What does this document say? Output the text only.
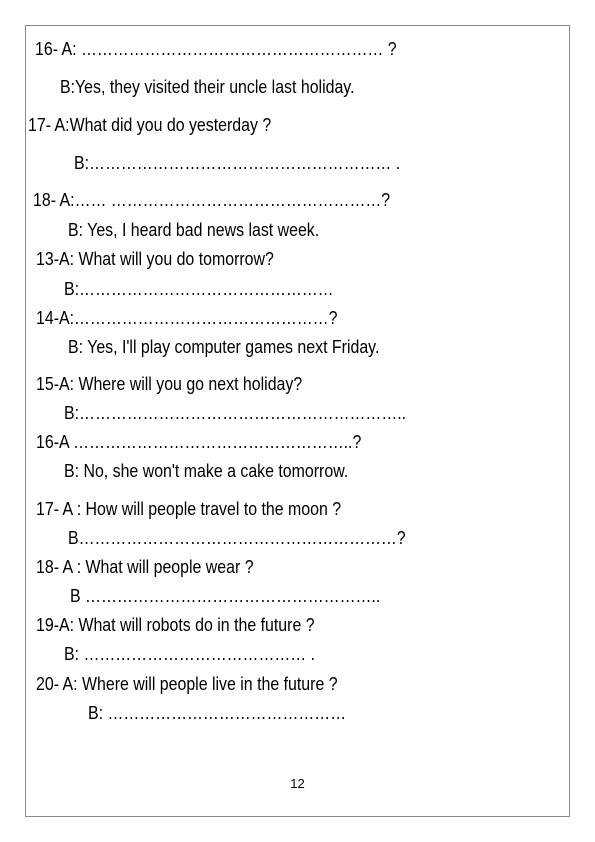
16- A: ………………………………………………… ?
B:Yes, they visited their uncle last holiday.
17- A:What did you do yesterday ?
B:………………………………………………… .
18- A:…… ……………………………………………?
B: Yes, I heard bad news last week.
13-A: What will you do tomorrow?
B:…………………………………………
14-A:…………………………………………?
B: Yes, I'll play computer games next Friday.
15-A: Where will you go next holiday?
B:……………………………………………………..
16-A ……………………………………………..?
B: No, she won't make a cake tomorrow.
17- A : How will people travel to the moon ?
B……………………………………………………?
18- A : What will people wear ?
B ………………………………………………..
19-A: What will robots do in the future ?
B: …………………………………… .
20- A: Where will people live in the future ?
B: ………………………………………
12
